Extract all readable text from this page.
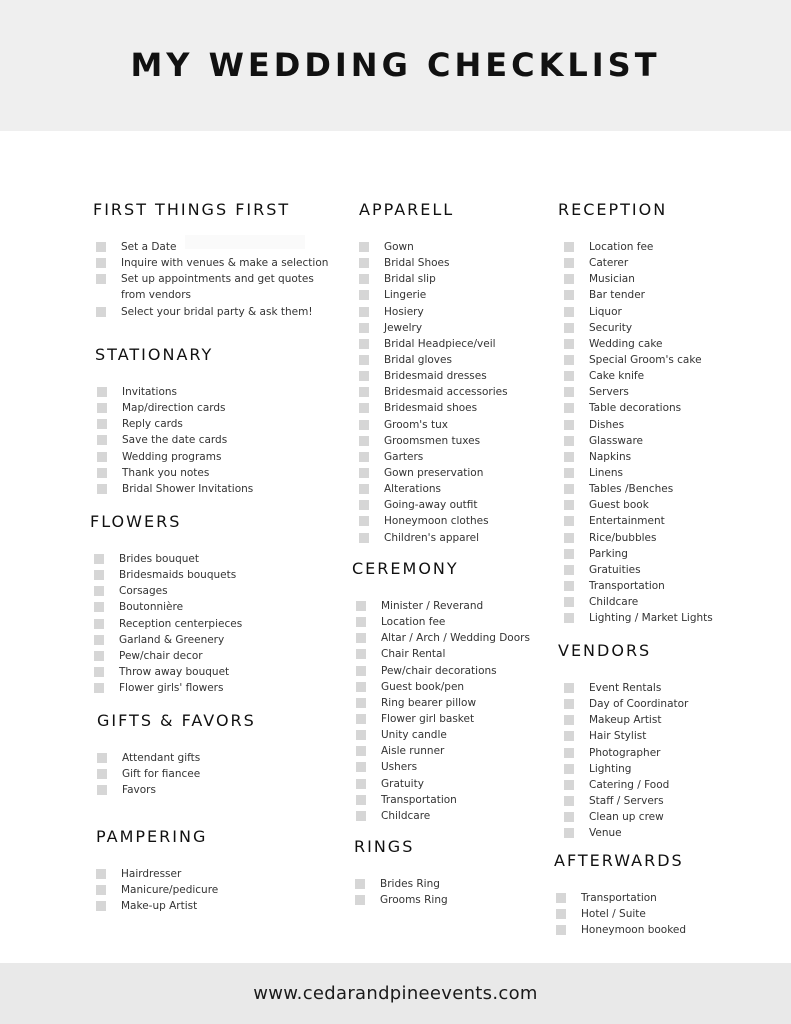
MY WEDDING CHECKLIST
FIRST THINGS FIRST
Set a Date
Inquire with venues & make a selection
Set up appointments and get quotes
from vendors
Select your bridal party & ask them!
STATIONARY
Invitations
Map/direction cards
Reply cards
Save the date cards
Wedding programs
Thank you notes
Bridal Shower Invitations
FLOWERS
Brides bouquet
Bridesmaids bouquets
Corsages
Boutonnière
Reception centerpieces
Garland & Greenery
Pew/chair decor
Throw away bouquet
Flower girls' flowers
GIFTS & FAVORS
Attendant gifts
Gift for fiancee
Favors
PAMPERING
Hairdresser
Manicure/pedicure
Make-up Artist
APPARELL
Gown
Bridal Shoes
Bridal slip
Lingerie
Hosiery
Jewelry
Bridal Headpiece/veil
Bridal gloves
Bridesmaid dresses
Bridesmaid accessories
Bridesmaid shoes
Groom's tux
Groomsmen tuxes
Garters
Gown preservation
Alterations
Going-away outfit
Honeymoon clothes
Children's apparel
CEREMONY
Minister / Reverand
Location fee
Altar / Arch / Wedding Doors
Chair Rental
Pew/chair decorations
Guest book/pen
Ring bearer pillow
Flower girl basket
Unity candle
Aisle runner
Ushers
Gratuity
Transportation
Childcare
RINGS
Brides Ring
Grooms Ring
RECEPTION
Location fee
Caterer
Musician
Bar tender
Liquor
Security
Wedding cake
Special Groom's cake
Cake knife
Servers
Table decorations
Dishes
Glassware
Napkins
Linens
Tables /Benches
Guest book
Entertainment
Rice/bubbles
Parking
Gratuities
Transportation
Childcare
Lighting / Market Lights
VENDORS
Event Rentals
Day of Coordinator
Makeup Artist
Hair Stylist
Photographer
Lighting
Catering / Food
Staff / Servers
Clean up crew
Venue
AFTERWARDS
Transportation
Hotel / Suite
Honeymoon booked
www.cedarandpineevents.com
